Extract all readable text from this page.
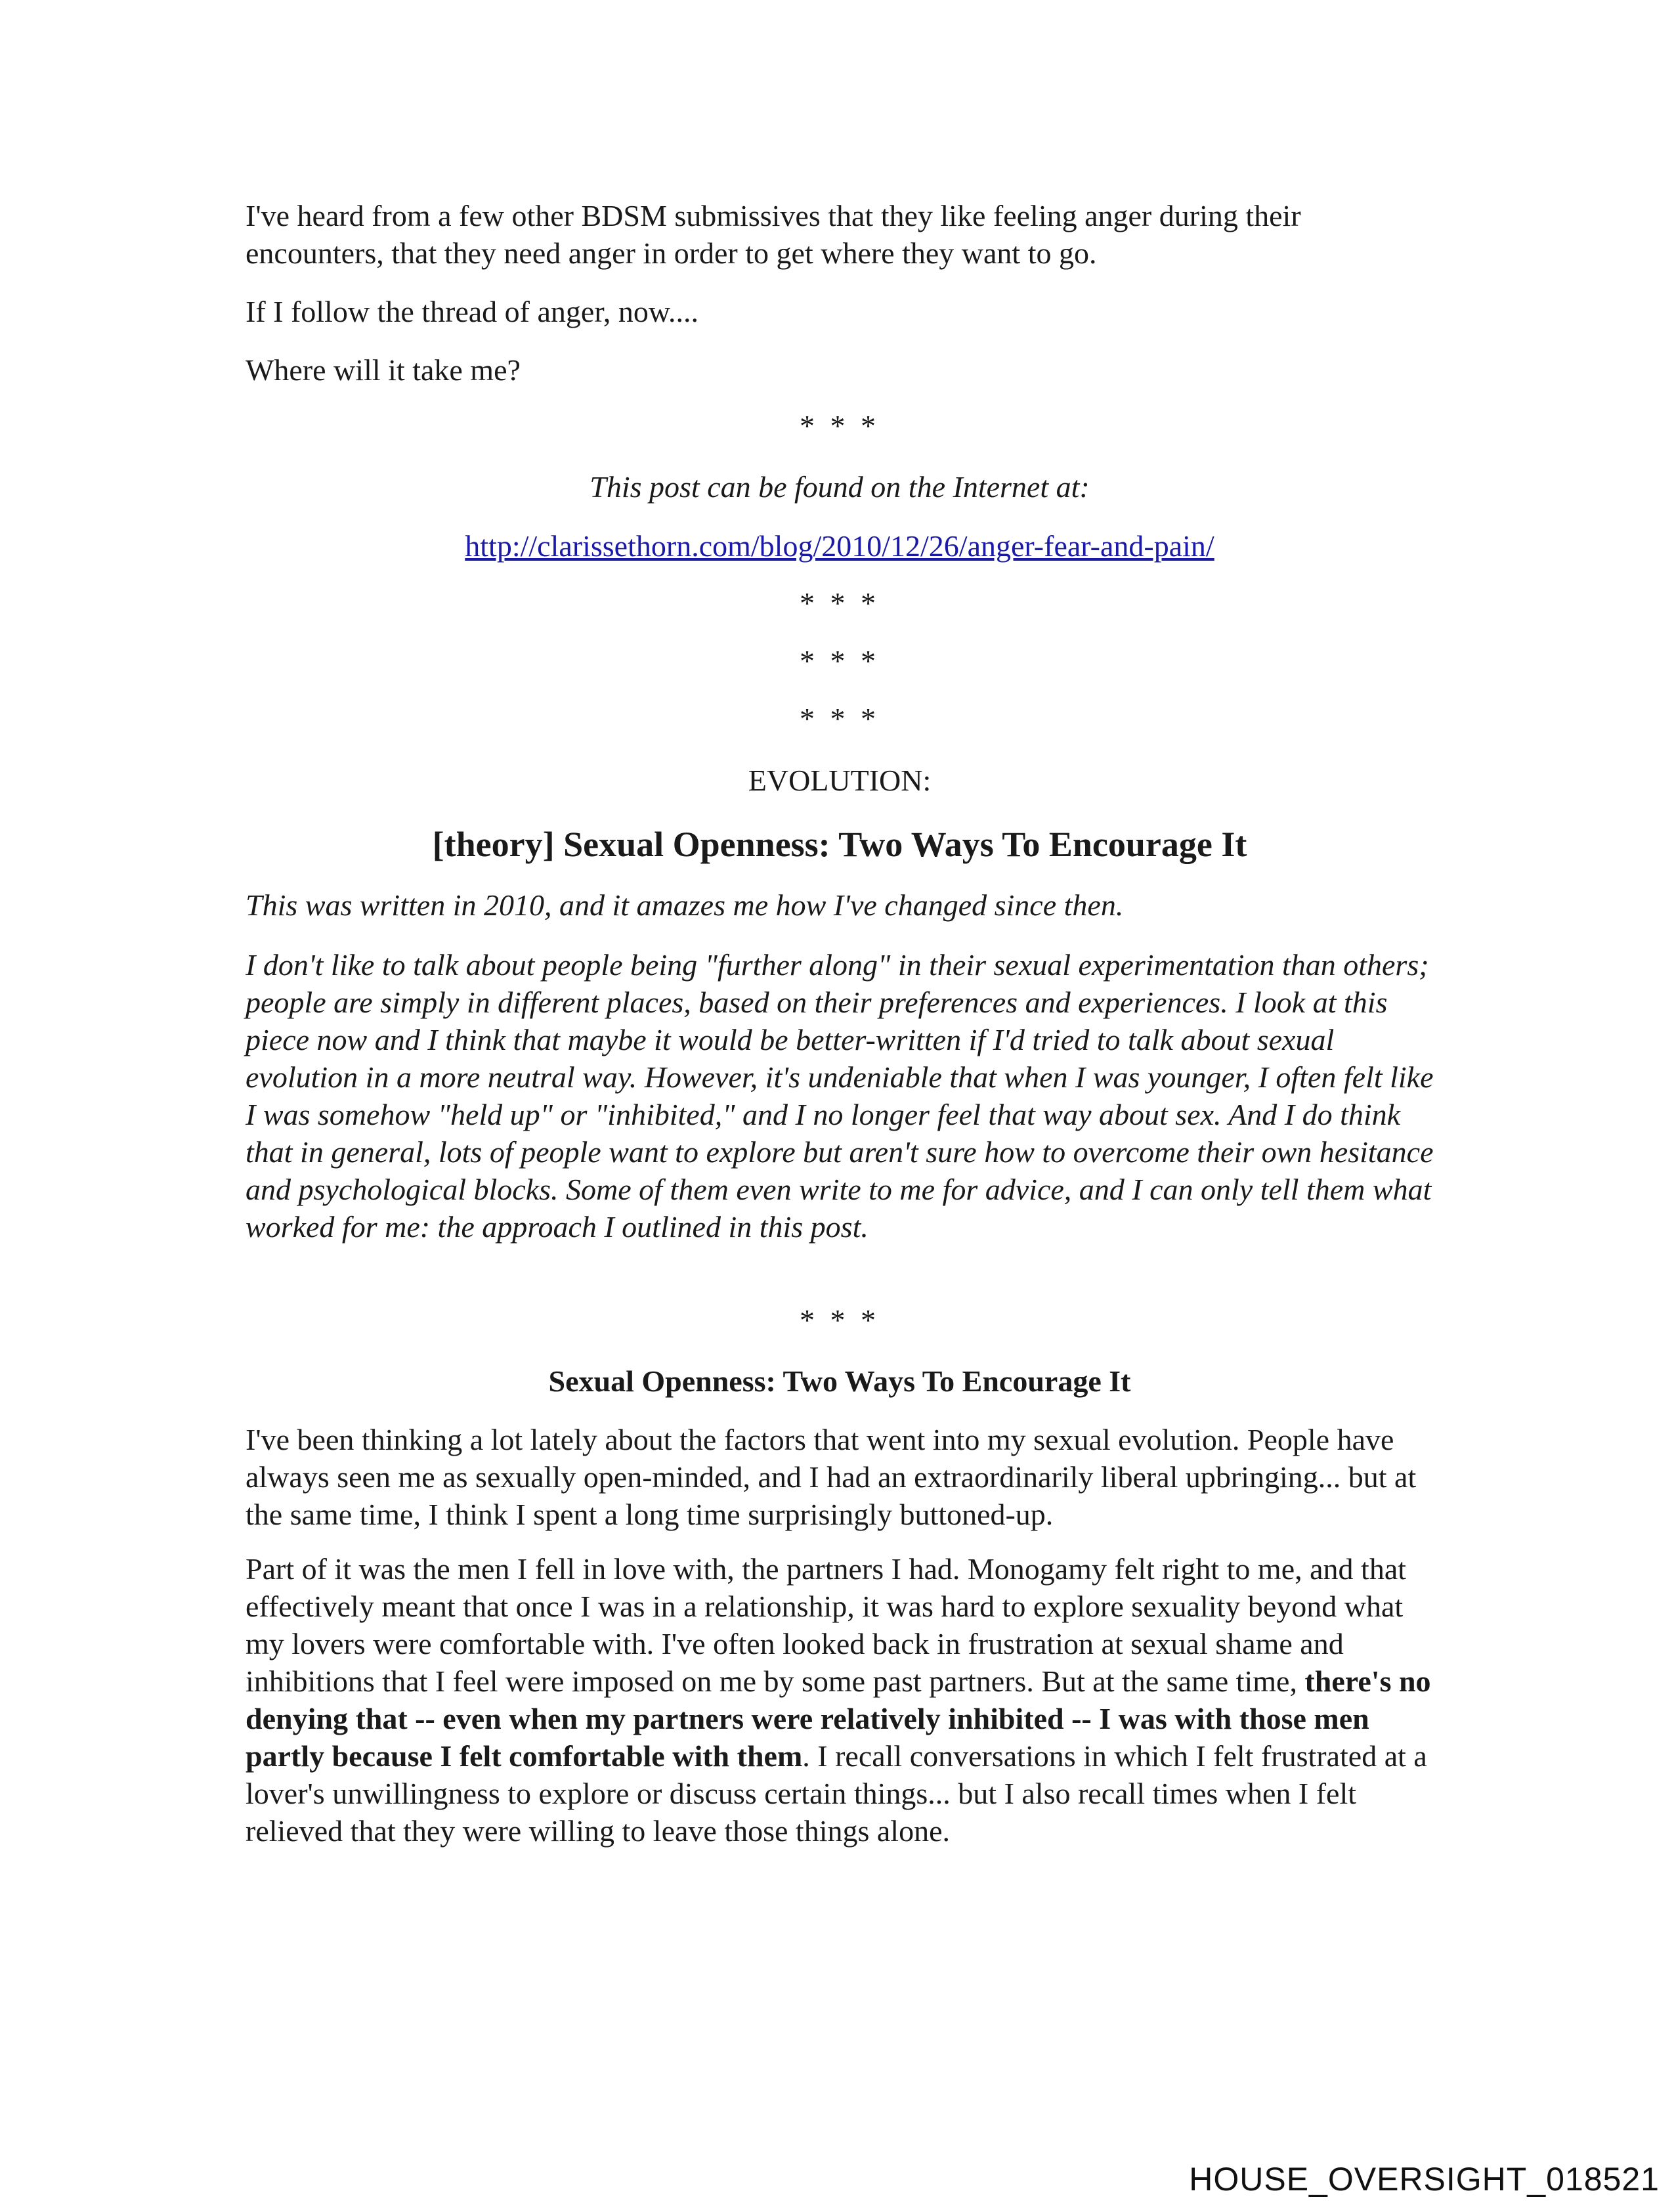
I've heard from a few other BDSM submissives that they like feeling anger during their encounters, that they need anger in order to get where they want to go.

If I follow the thread of anger, now....

Where will it take me?

* * *

This post can be found on the Internet at:

http://clarissethorn.com/blog/2010/12/26/anger-fear-and-pain/

* * *

* * *

* * *

EVOLUTION:

[theory] Sexual Openness: Two Ways To Encourage It

This was written in 2010, and it amazes me how I've changed since then.

I don't like to talk about people being "further along" in their sexual experimentation than others; people are simply in different places, based on their preferences and experiences. I look at this piece now and I think that maybe it would be better-written if I'd tried to talk about sexual evolution in a more neutral way. However, it's undeniable that when I was younger, I often felt like I was somehow "held up" or "inhibited," and I no longer feel that way about sex. And I do think that in general, lots of people want to explore but aren't sure how to overcome their own hesitance and psychological blocks. Some of them even write to me for advice, and I can only tell them what worked for me: the approach I outlined in this post.

* * *

Sexual Openness: Two Ways To Encourage It

I've been thinking a lot lately about the factors that went into my sexual evolution. People have always seen me as sexually open-minded, and I had an extraordinarily liberal upbringing... but at the same time, I think I spent a long time surprisingly buttoned-up.

Part of it was the men I fell in love with, the partners I had. Monogamy felt right to me, and that effectively meant that once I was in a relationship, it was hard to explore sexuality beyond what my lovers were comfortable with. I've often looked back in frustration at sexual shame and inhibitions that I feel were imposed on me by some past partners. But at the same time, there's no denying that -- even when my partners were relatively inhibited -- I was with those men partly because I felt comfortable with them. I recall conversations in which I felt frustrated at a lover's unwillingness to explore or discuss certain things... but I also recall times when I felt relieved that they were willing to leave those things alone.

HOUSE_OVERSIGHT_018521
